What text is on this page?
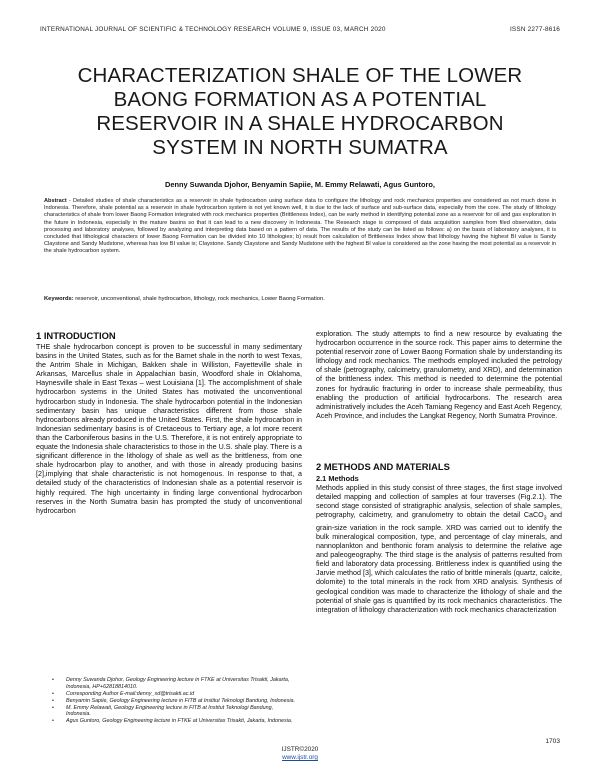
INTERNATIONAL JOURNAL OF SCIENTIFIC & TECHNOLOGY RESEARCH VOLUME 9, ISSUE 03, MARCH 2020	ISSN 2277-8616
CHARACTERIZATION SHALE OF THE LOWER
BAONG FORMATION AS A POTENTIAL
RESERVOIR IN A SHALE HYDROCARBON
SYSTEM IN NORTH SUMATRA
Denny Suwanda Djohor, Benyamin Sapiie, M. Emmy Relawati, Agus Guntoro,
Abstract - Detailed studies of shale characteristics as a reservoir in shale hydrocarbon using surface data to configure the lithology and rock mechanics properties are considered as not much done in Indonesia. Therefore, shale potential as a reservoir in shale hydrocarbon system is not yet known well, it is due to the lack of surface and sub-surface data, especially from the core. The study of lithology characteristics of shale from lower Baong Formation integrated with rock mechanics properties (Brittleness Index), can be early method in identifying potential zone as a reservoir for oil and gas exploration in the future in Indonesia, especially in the mature basins so that it can lead to a new discovery in Indonesia. The Research stage is composed of data acquisition samples from filed observation, data processing and laboratory analyses, followed by analyzing and interpreting data based on a pattern of data. The results of the study can be listed as follows: a) on the basis of laboratory analyses, it is concluded that lithological characters of lower Baong Formation can be divided into 10 lithologies; b) result from calculation of Brittleness Index show that lithology having the highest BI value is Sandy Claystone and Sandy Mudstone, whereas has low BI value is; Claystone. Sandy Claystone and Sandy Mudstone with the highest BI value is considered as the zone having the most potential as a reservoir in the shale hydrocarbon system.
Keywords: reservoir, unconventional, shale hydrocarbon, lithology, rock mechanics, Lower Baong Formation.
1 INTRODUCTION

THE shale hydrocarbon concept is proven to be successful in many sedimentary basins in the United States, such as for the Barnet shale in the north to west Texas, the Antrim Shale in Michigan, Bakken shale in Williston, Fayetteville shale in Arkansas, Marcellus shale in Appalachian basin, Woodford shale in Oklahoma, Haynesville shale in East Texas – west Louisiana [1]. The accomplishment of shale hydrocarbon systems in the United States has motivated the unconventional hydrocarbon study in Indonesia. The shale hydrocarbon potential in the Indonesian sedimentary basin has unique characteristics different from those shale hydrocarbons already produced in the United States. First, the shale hydrocarbon in Indonesian sedimentary basins is of Cretaceous to Tertiary age, a lot more recent than the Carboniferous basins in the U.S. Therefore, it is not entirely appropriate to equate the Indonesia shale characteristics to those in the U.S. shale play. There is a significant difference in the lithology of shale as well as the brittleness, from one shale hydrocarbon play to another, and with those in already producing basins [2],implying that shale characteristic is not homogenous. In response to that, a detailed study of the characteristics of Indonesian shale as a potential reservoir is highly required. The high uncertainty in finding large conventional hydrocarbon reserves in the North Sumatra basin has prompted the study of unconventional hydrocarbon

exploration. The study attempts to find a new resource by evaluating the hydrocarbon occurrence in the source rock. This paper aims to determine the potential reservoir zone of Lower Baong Formation shale by understanding its lithology and rock mechanics. The methods employed included the petrology of shale (petrography, calcimetry, granulometry, and XRD), and determination of the brittleness index. This method is needed to determine the potential zones for hydraulic fracturing in order to increase shale permeability, thus enabling the production of artificial hydrocarbons. The research area administratively includes the Aceh Tamiang Regency and East Aceh Regency, Aceh Province, and includes the Langkat Regency, North Sumatra Province.

2 METHODS AND MATERIALS
2.1 Methods

Methods applied in this study consist of three stages, the first stage involved detailed mapping and collection of samples at four traverses (Fig.2.1). The second stage consisted of stratigraphic analysis, selection of shale samples, petrography, calcimetry, and granulometry to obtain the detail CaCO$_3$ and grain-size variation in the rock sample. XRD was carried out to identify the bulk mineralogical composition, type, and percentage of clay minerals, and nannoplankton and benthonic foram analysis to determine the relative age and paleogeography. The third stage is the analysis of patterns resulted from field and laboratory data processing. Brittleness index is quantified using the Jarvie method [3], which calculates the ratio of brittle minerals (quartz, calcite, dolomite) to the total minerals in the rock from XRD analysis. Synthesis of geological condition was made to characterize the lithology of shale and the potential of shale gas is quantified by its rock mechanics characteristics. The integration of lithology characterization with rock mechanics characterization

• Denny Suwanda Djohor, Geology Engineering lecture in FTKE at Universitas Trisakti, Jakarta, Indonesia, HP+62818814010.
• Corresponding Author E-mail:denny_sd@trisakti.ac.id
• Benyamin Sapiie, Geology Engineering lecture in FITB at Institut Teknologi Bandung, Indonesia.
• M. Emmy Relawati, Geology Engineering lecture in FITB at Institut Teknologi Bandung, Indonesia.
• Agus Guntoro, Geology Engineering lecture in FTKE at Universitas Trisakti, Jakarta, Indonesia.
1703
IJSTR©2020
www.ijstr.org
